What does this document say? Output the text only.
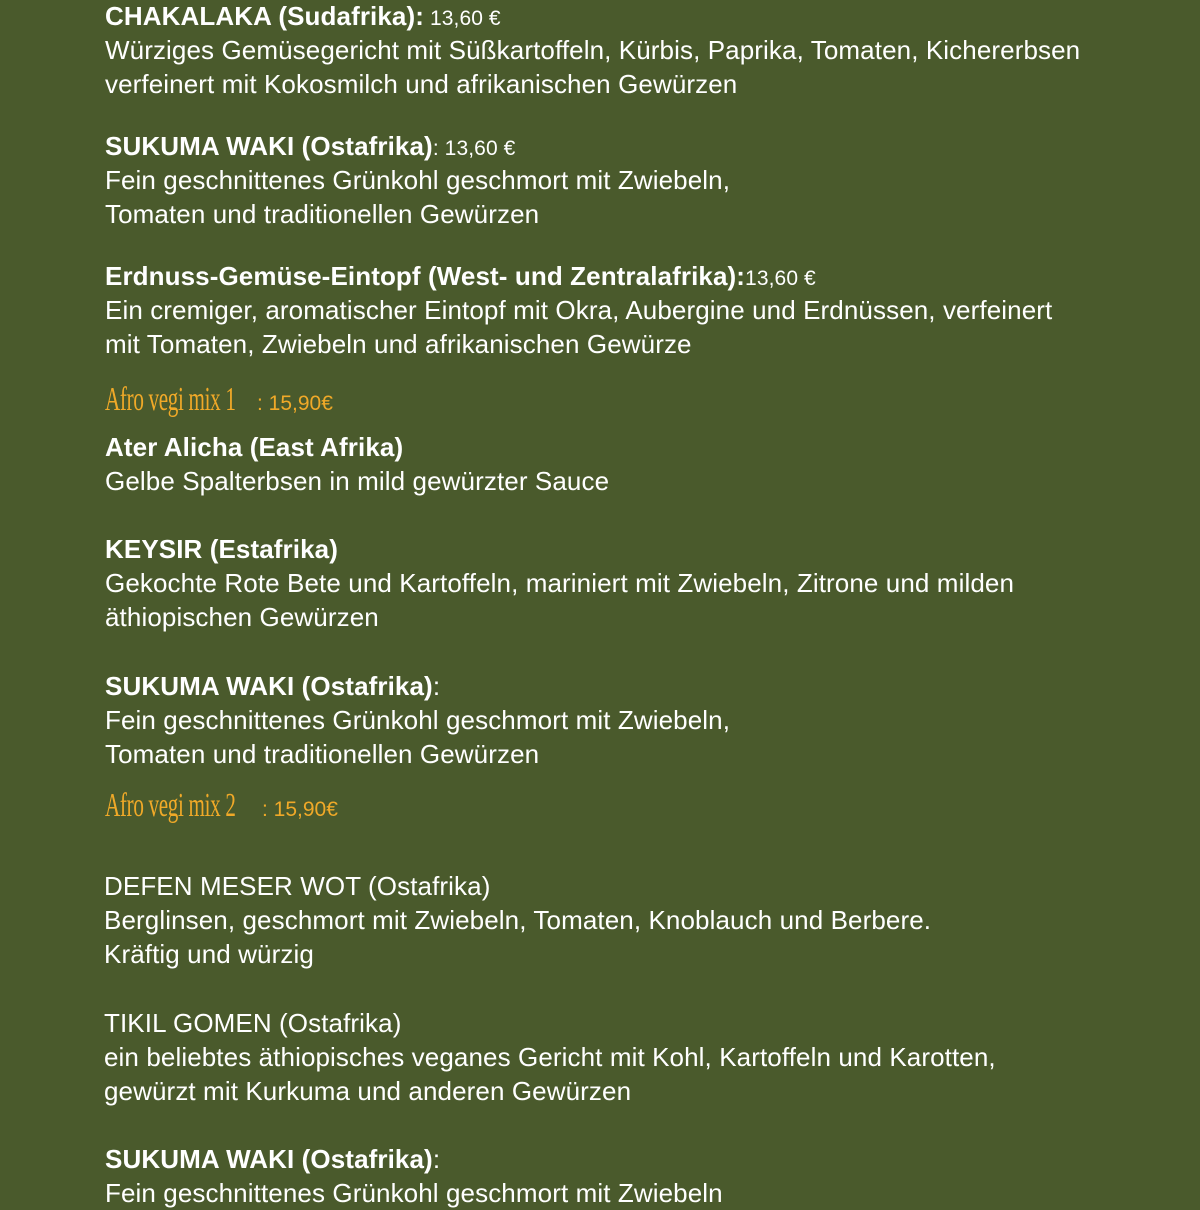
CHAKALAKA (Sudafrika): 13,60 €
Würziges Gemüsegericht mit Süßkartoffeln, Kürbis, Paprika, Tomaten, Kichererbsen
verfeinert mit Kokosmilch und afrikanischen Gewürzen
SUKUMA WAKI (Ostafrika): 13,60 €
Fein geschnittenes Grünkohl geschmort mit Zwiebeln,
Tomaten und traditionellen Gewürzen
Erdnuss-Gemüse-Eintopf (West- und Zentralafrika):13,60 €
Ein cremiger, aromatischer Eintopf mit Okra, Aubergine und Erdnüssen, verfeinert
mit Tomaten, Zwiebeln und afrikanischen Gewürze
Afro vegi mix 1 : 15,90€
Ater Alicha (East Afrika)
Gelbe Spalterbsen in mild gewürzter Sauce
KEYSIR (Estafrika)
Gekochte Rote Bete und Kartoffeln, mariniert mit Zwiebeln, Zitrone und milden
äthiopischen Gewürzen
SUKUMA WAKI (Ostafrika):
Fein geschnittenes Grünkohl geschmort mit Zwiebeln,
Tomaten und traditionellen Gewürzen
Afro vegi mix 2 : 15,90€
DEFEN MESER WOT (Ostafrika)
Berglinsen, geschmort mit Zwiebeln, Tomaten, Knoblauch und Berbere.
Kräftig und würzig
TIKIL GOMEN (Ostafrika)
ein beliebtes äthiopisches veganes Gericht mit Kohl, Kartoffeln und Karotten,
gewürzt mit Kurkuma und anderen Gewürzen
SUKUMA WAKI (Ostafrika):
Fein geschnittenes Grünkohl geschmort mit Zwiebeln
